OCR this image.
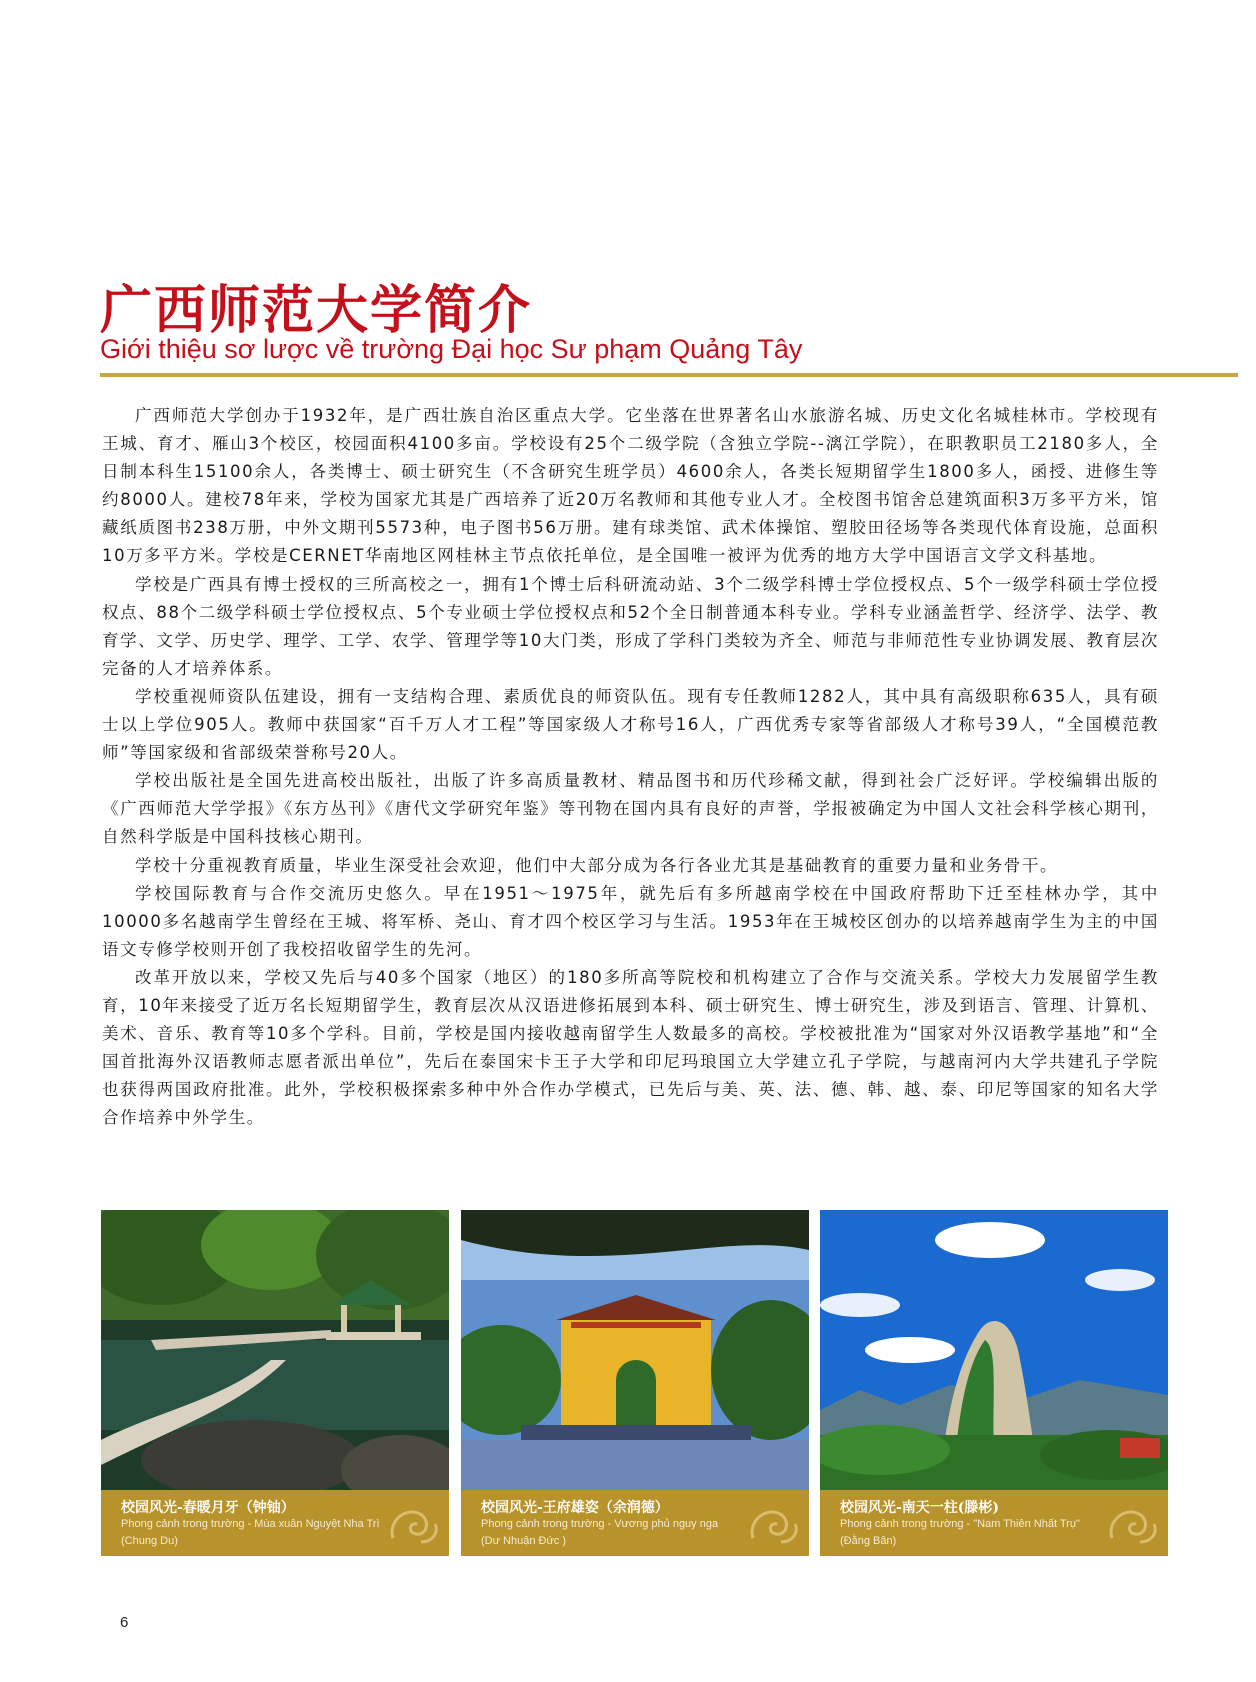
广西师范大学简介
Giới thiệu sơ lược về trường Đại học Sư phạm Quảng Tây

广西师范大学创办于1932年，是广西壮族自治区重点大学。它坐落在世界著名山水旅游名城、历史文化名城桂林市。学校现有王城、育才、雁山3个校区，校园面积4100多亩。学校设有25个二级学院（含独立学院--漓江学院），在职教职员工2180多人，全日制本科生15100余人，各类博士、硕士研究生（不含研究生班学员）4600余人，各类长短期留学生1800多人，函授、进修生等约8000人。建校78年来，学校为国家尤其是广西培养了近20万名教师和其他专业人才。全校图书馆舍总建筑面积3万多平方米，馆藏纸质图书238万册，中外文期刊5573种，电子图书56万册。建有球类馆、武术体操馆、塑胶田径场等各类现代体育设施，总面积10万多平方米。学校是CERNET华南地区网桂林主节点依托单位，是全国唯一被评为优秀的地方大学中国语言文学文科基地。

学校是广西具有博士授权的三所高校之一，拥有1个博士后科研流动站、3个二级学科博士学位授权点、5个一级学科硕士学位授权点、88个二级学科硕士学位授权点、5个专业硕士学位授权点和52个全日制普通本科专业。学科专业涵盖哲学、经济学、法学、教育学、文学、历史学、理学、工学、农学、管理学等10大门类，形成了学科门类较为齐全、师范与非师范性专业协调发展、教育层次完备的人才培养体系。

学校重视师资队伍建设，拥有一支结构合理、素质优良的师资队伍。现有专任教师1282人，其中具有高级职称635人，具有硕士以上学位905人。教师中获国家“百千万人才工程”等国家级人才称号16人，广西优秀专家等省部级人才称号39人，“全国模范教师”等国家级和省部级荣誉称号20人。

学校出版社是全国先进高校出版社，出版了许多高质量教材、精品图书和历代珍稀文献，得到社会广泛好评。学校编辑出版的《广西师范大学学报》《东方丛刊》《唐代文学研究年鉴》等刊物在国内具有良好的声誉，学报被确定为中国人文社会科学核心期刊，自然科学版是中国科技核心期刊。

学校十分重视教育质量，毕业生深受社会欢迎，他们中大部分成为各行各业尤其是基础教育的重要力量和业务骨干。

学校国际教育与合作交流历史悠久。早在1951～1975年，就先后有多所越南学校在中国政府帮助下迁至桂林办学，其中10000多名越南学生曾经在王城、将军桥、尧山、育才四个校区学习与生活。1953年在王城校区创办的以培养越南学生为主的中国语文专修学校则开创了我校招收留学生的先河。

改革开放以来，学校又先后与40多个国家（地区）的180多所高等院校和机构建立了合作与交流关系。学校大力发展留学生教育，10年来接受了近万名长短期留学生，教育层次从汉语进修拓展到本科、硕士研究生、博士研究生，涉及到语言、管理、计算机、美术、音乐、教育等10多个学科。目前，学校是国内接收越南留学生人数最多的高校。学校被批准为“国家对外汉语教学基地”和“全国首批海外汉语教师志愿者派出单位”，先后在泰国宋卡王子大学和印尼玛琅国立大学建立孔子学院，与越南河内大学共建孔子学院也获得两国政府批准。此外，学校积极探索多种中外合作办学模式，已先后与美、英、法、德、韩、越、泰、印尼等国家的知名大学合作培养中外学生。

校园风光-春暖月牙（钟铀）
Phong cảnh trong trường - Mùa xuân Nguyệt Nha Trì
(Chung Du)
校园风光-王府雄姿（余润德）
Phong cảnh trong trường - Vương phủ nguy nga
(Dư Nhuận Đức )
校园风光-南天一柱(滕彬)
Phong cảnh trong trường - "Nam Thiên Nhất Trụ"
(Đằng Bân)
6
